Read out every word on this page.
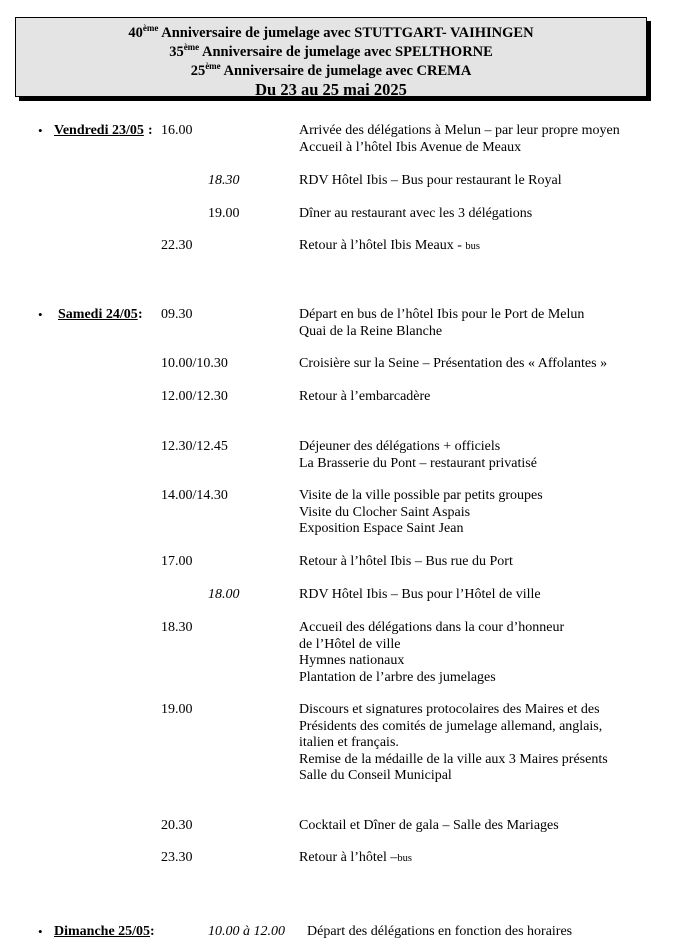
40ème Anniversaire de jumelage avec STUTTGART- VAIHINGEN
35ème Anniversaire de jumelage avec SPELTHORNE
25ème Anniversaire de jumelage avec CREMA
Du 23 au 25 mai 2025
• Vendredi 23/05 : 16.00	Arrivée des délégations à Melun – par leur propre moyen
Accueil à l’hôtel Ibis Avenue de Meaux
18.30	RDV Hôtel Ibis – Bus pour restaurant le Royal
19.00	Dîner au restaurant avec les 3 délégations
22.30	Retour à l’hôtel Ibis Meaux - bus
• Samedi 24/05 : 09.30	Départ en bus de l’hôtel Ibis pour le Port de Melun
Quai de la Reine Blanche
10.00/10.30	Croisière sur la Seine – Présentation des « Affolantes »
12.00/12.30	Retour à l’embarcadère
12.30/12.45	Déjeuner des délégations + officiels
La Brasserie du Pont – restaurant privatisé
14.00/14.30	Visite de la ville possible par petits groupes
Visite du Clocher Saint Aspais
Exposition Espace Saint Jean
17.00	Retour à l’hôtel Ibis – Bus rue du Port
18.00	RDV Hôtel Ibis – Bus pour l’Hôtel de ville
18.30	Accueil des délégations dans la cour d’honneur
de l’Hôtel de ville
Hymnes nationaux
Plantation de l’arbre des jumelages
19.00	Discours et signatures protocolaires des Maires et des
Présidents des comités de jumelage allemand, anglais,
italien et français.
Remise de la médaille de la ville aux 3 Maires présents
Salle du Conseil Municipal
20.30	Cocktail et Dîner de gala – Salle des Mariages
23.30	Retour à l’hôtel –bus
• Dimanche 25/05 :	10.00 à 12.00 Départ des délégations en fonction des horaires
